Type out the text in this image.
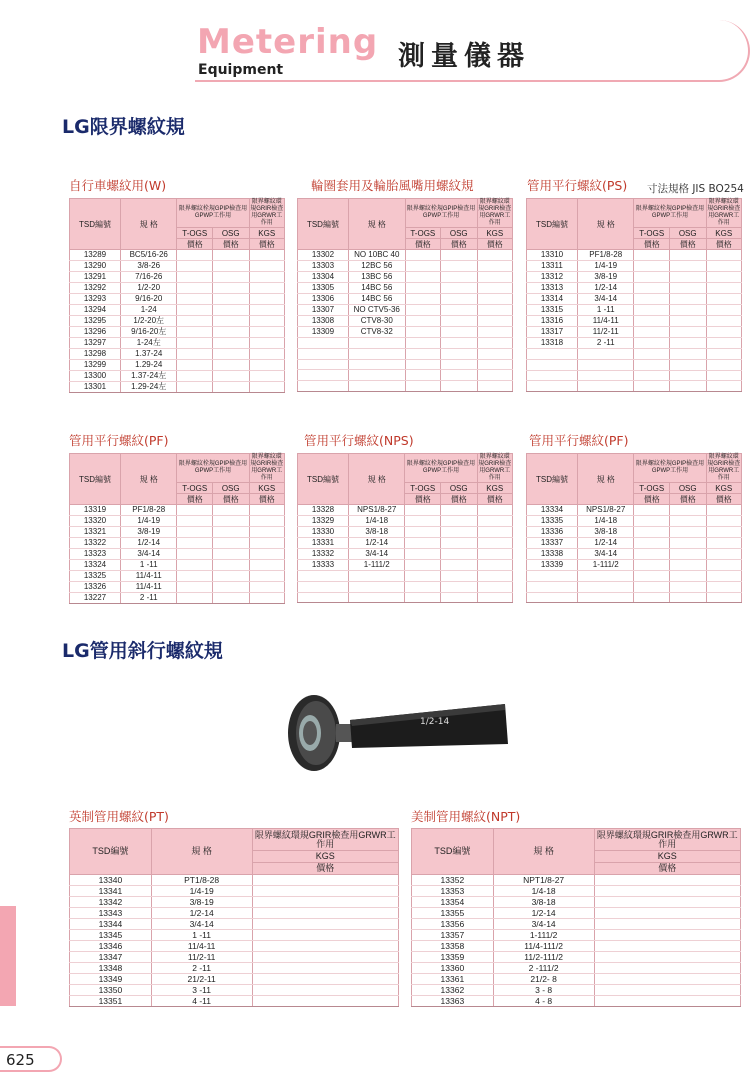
Metering
Equipment	測量儀器
LG限界螺紋規
LG管用斜行螺紋規
寸法規格 JIS BO254
自行車螺紋用(W)
TSD編號	規 格	限界螺紋栓規GPIP檢查用GPWP工作用		限界螺紋環規GRIR檢查用GRWR工作用
		T-OGS	OSG	KGS
		價格	價格	價格
13289	BC5/16-26			
13290	3/8-26			
13291	7/16-26			
13292	1/2-20			
13293	9/16-20			
13294	1-24			
13295	1/2-20左			
13296	9/16-20左			
13297	1-24左			
13298	1.37-24			
13299	1.29-24			
13300	1.37-24左			
13301	1.29-24左			
輪圈套用及輪胎風嘴用螺紋規
TSD編號	規 格	限界螺紋栓規GPIP檢查用GPWP工作用		限界螺紋環規GRIR檢查用GRWR工作用
		T-OGS	OSG	KGS
		價格	價格	價格
13302	NO 10BC 40			
13303	12BC 56			
13304	13BC 56			
13305	14BC 56			
13306	14BC 56			
13307	NO CTV5-36			
13308	CTV8-30			
13309	CTV8-32			

管用平行螺紋(PS)
TSD編號	規 格	限界螺紋栓規GPIP檢查用GPWP工作用		限界螺紋環規GRIR檢查用GRWR工作用
		T-OGS	OSG	KGS
		價格	價格	價格
13310	PF1/8-28			
13311	1/4-19			
13312	3/8-19			
13313	1/2-14			
13314	3/4-14			
13315	1 -11			
13316	11/4-11			
13317	11/2-11			
13318	2 -11			

管用平行螺紋(PF)
TSD編號	規 格	限界螺紋栓規GPIP檢查用GPWP工作用		限界螺紋環規GRIR檢查用GRWR工作用
		T-OGS	OSG	KGS
		價格	價格	價格
13319	PF1/8-28			
13320	1/4-19			
13321	3/8-19			
13322	1/2-14			
13323	3/4-14			
13324	1 -11			
13325	11/4-11			
13326	11/4-11			
13227	2 -11			
管用平行螺紋(NPS)
TSD編號	規 格	限界螺紋栓規GPIP檢查用GPWP工作用		限界螺紋環規GRIR檢查用GRWR工作用
		T-OGS	OSG	KGS
		價格	價格	價格
13328	NPS1/8-27			
13329	1/4-18			
13330	3/8-18			
13331	1/2-14			
13332	3/4-14			
13333	1-111/2			

管用平行螺紋(PF)
TSD編號	規 格	限界螺紋栓規GPIP檢查用GPWP工作用		限界螺紋環規GRIR檢查用GRWR工作用
		T-OGS	OSG	KGS
		價格	價格	價格
13334	NPS1/8-27			
13335	1/4-18			
13336	3/8-18			
13337	1/2-14			
13338	3/4-14			
13339	1-111/2			

英制管用螺紋(PT)
TSD編號	規 格	限界螺紋環規GRIR檢查用GRWR工作用
		KGS
		價格
13340	PT1/8-28	
13341	1/4-19	
13342	3/8-19	
13343	1/2-14	
13344	3/4-14	
13345	1 -11	
13346	11/4-11	
13347	11/2-11	
13348	2 -11	
13349	21/2-11	
13350	3 -11	
13351	4 -11	
美制管用螺紋(NPT)
TSD編號	規 格	限界螺紋環規GRIR檢查用GRWR工作用
		KGS
		價格
13352	NPT1/8-27	
13353	1/4-18	
13354	3/8-18	
13355	1/2-14	
13356	3/4-14	
13357	1-111/2	
13358	11/4-111/2	
13359	11/2-111/2	
13360	2 -111/2	
13361	21/2- 8	
13362	3 - 8	
13363	4 - 8	
1/2-14
625
